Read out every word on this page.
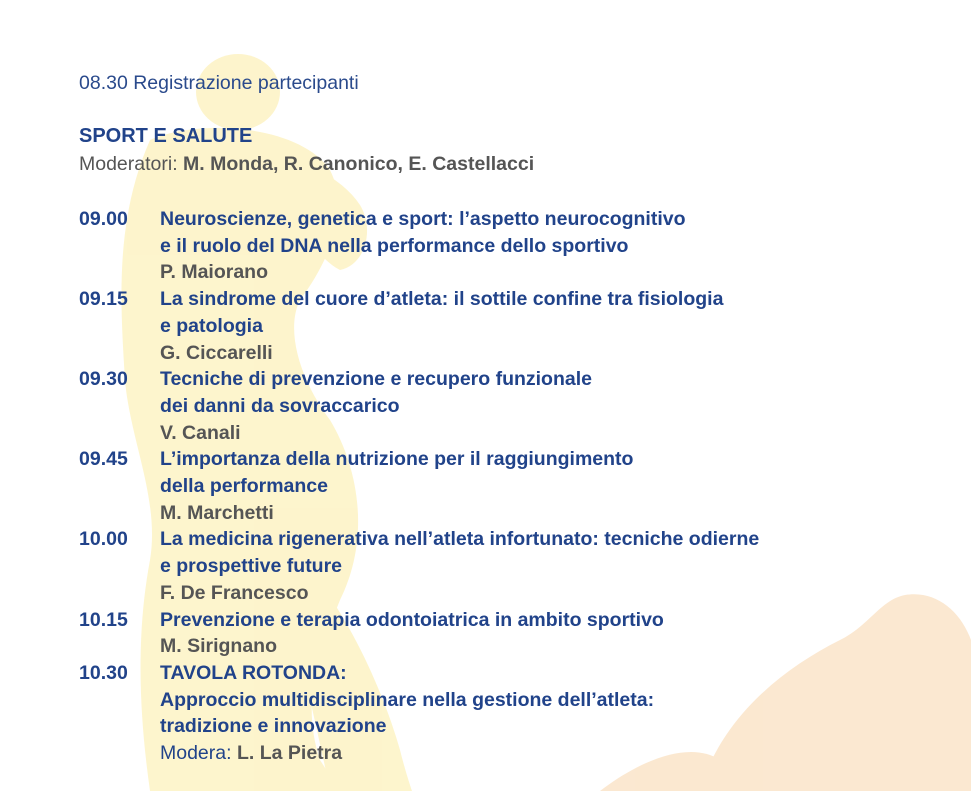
08.30 Registrazione partecipanti
SPORT E SALUTE
Moderatori: M. Monda, R. Canonico, E. Castellacci
09.00 Neuroscienze, genetica e sport: l’aspetto neurocognitivo
e il ruolo del DNA nella performance dello sportivo
P. Maiorano
09.15 La sindrome del cuore d’atleta: il sottile confine tra fisiologia
e patologia
G. Ciccarelli
09.30 Tecniche di prevenzione e recupero funzionale
dei danni da sovraccarico
V. Canali
09.45 L’importanza della nutrizione per il raggiungimento
della performance
M. Marchetti
10.00 La medicina rigenerativa nell’atleta infortunato: tecniche odierne
e prospettive future
F. De Francesco
10.15 Prevenzione e terapia odontoiatrica in ambito sportivo
M. Sirignano
10.30 TAVOLA ROTONDA:
Approccio multidisciplinare nella gestione dell’atleta:
tradizione e innovazione
Modera: L. La Pietra
